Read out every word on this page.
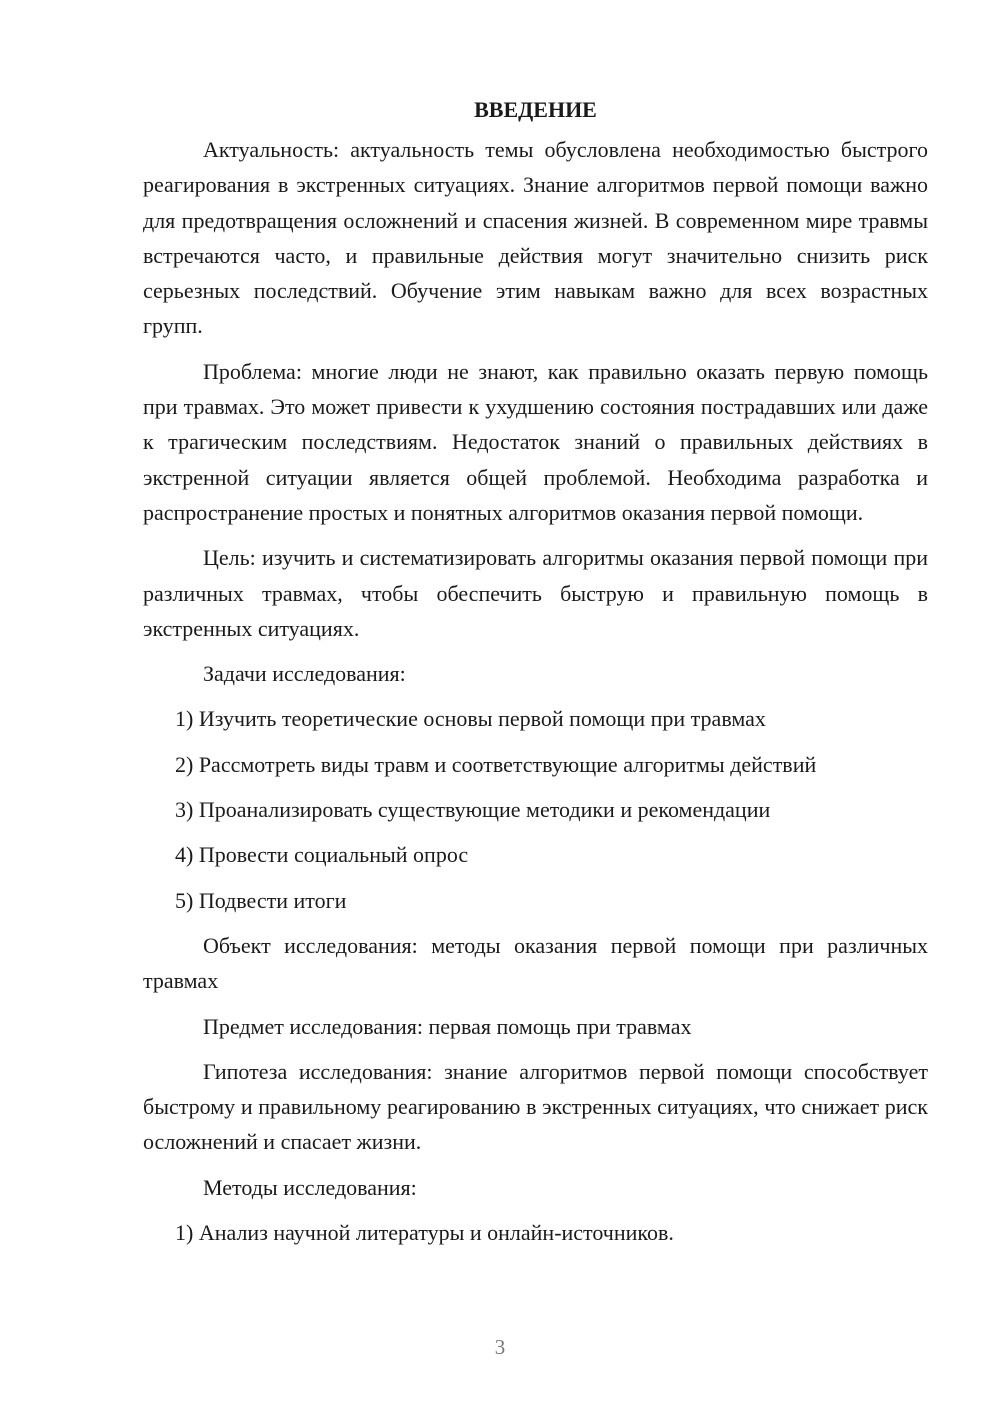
ВВЕДЕНИЕ

Актуальность: актуальность темы обусловлена необходимостью быстрого реагирования в экстренных ситуациях. Знание алгоритмов первой помощи важно для предотвращения осложнений и спасения жизней. В современном мире травмы встречаются часто, и правильные действия могут значительно снизить риск серьезных последствий. Обучение этим навыкам важно для всех возрастных групп.

Проблема: многие люди не знают, как правильно оказать первую помощь при травмах. Это может привести к ухудшению состояния пострадавших или даже к трагическим последствиям. Недостаток знаний о правильных действиях в экстренной ситуации является общей проблемой. Необходима разработка и распространение простых и понятных алгоритмов оказания первой помощи.

Цель: изучить и систематизировать алгоритмы оказания первой помощи при различных травмах, чтобы обеспечить быструю и правильную помощь в экстренных ситуациях.

Задачи исследования:

1) Изучить теоретические основы первой помощи при травмах

2) Рассмотреть виды травм и соответствующие алгоритмы действий

3) Проанализировать существующие методики и рекомендации

4) Провести социальный опрос

5) Подвести итоги

Объект исследования: методы оказания первой помощи при различных травмах

Предмет исследования: первая помощь при травмах

Гипотеза исследования: знание алгоритмов первой помощи способствует быстрому и правильному реагированию в экстренных ситуациях, что снижает риск осложнений и спасает жизни.

Методы исследования:

1) Анализ научной литературы и онлайн-источников.

3
